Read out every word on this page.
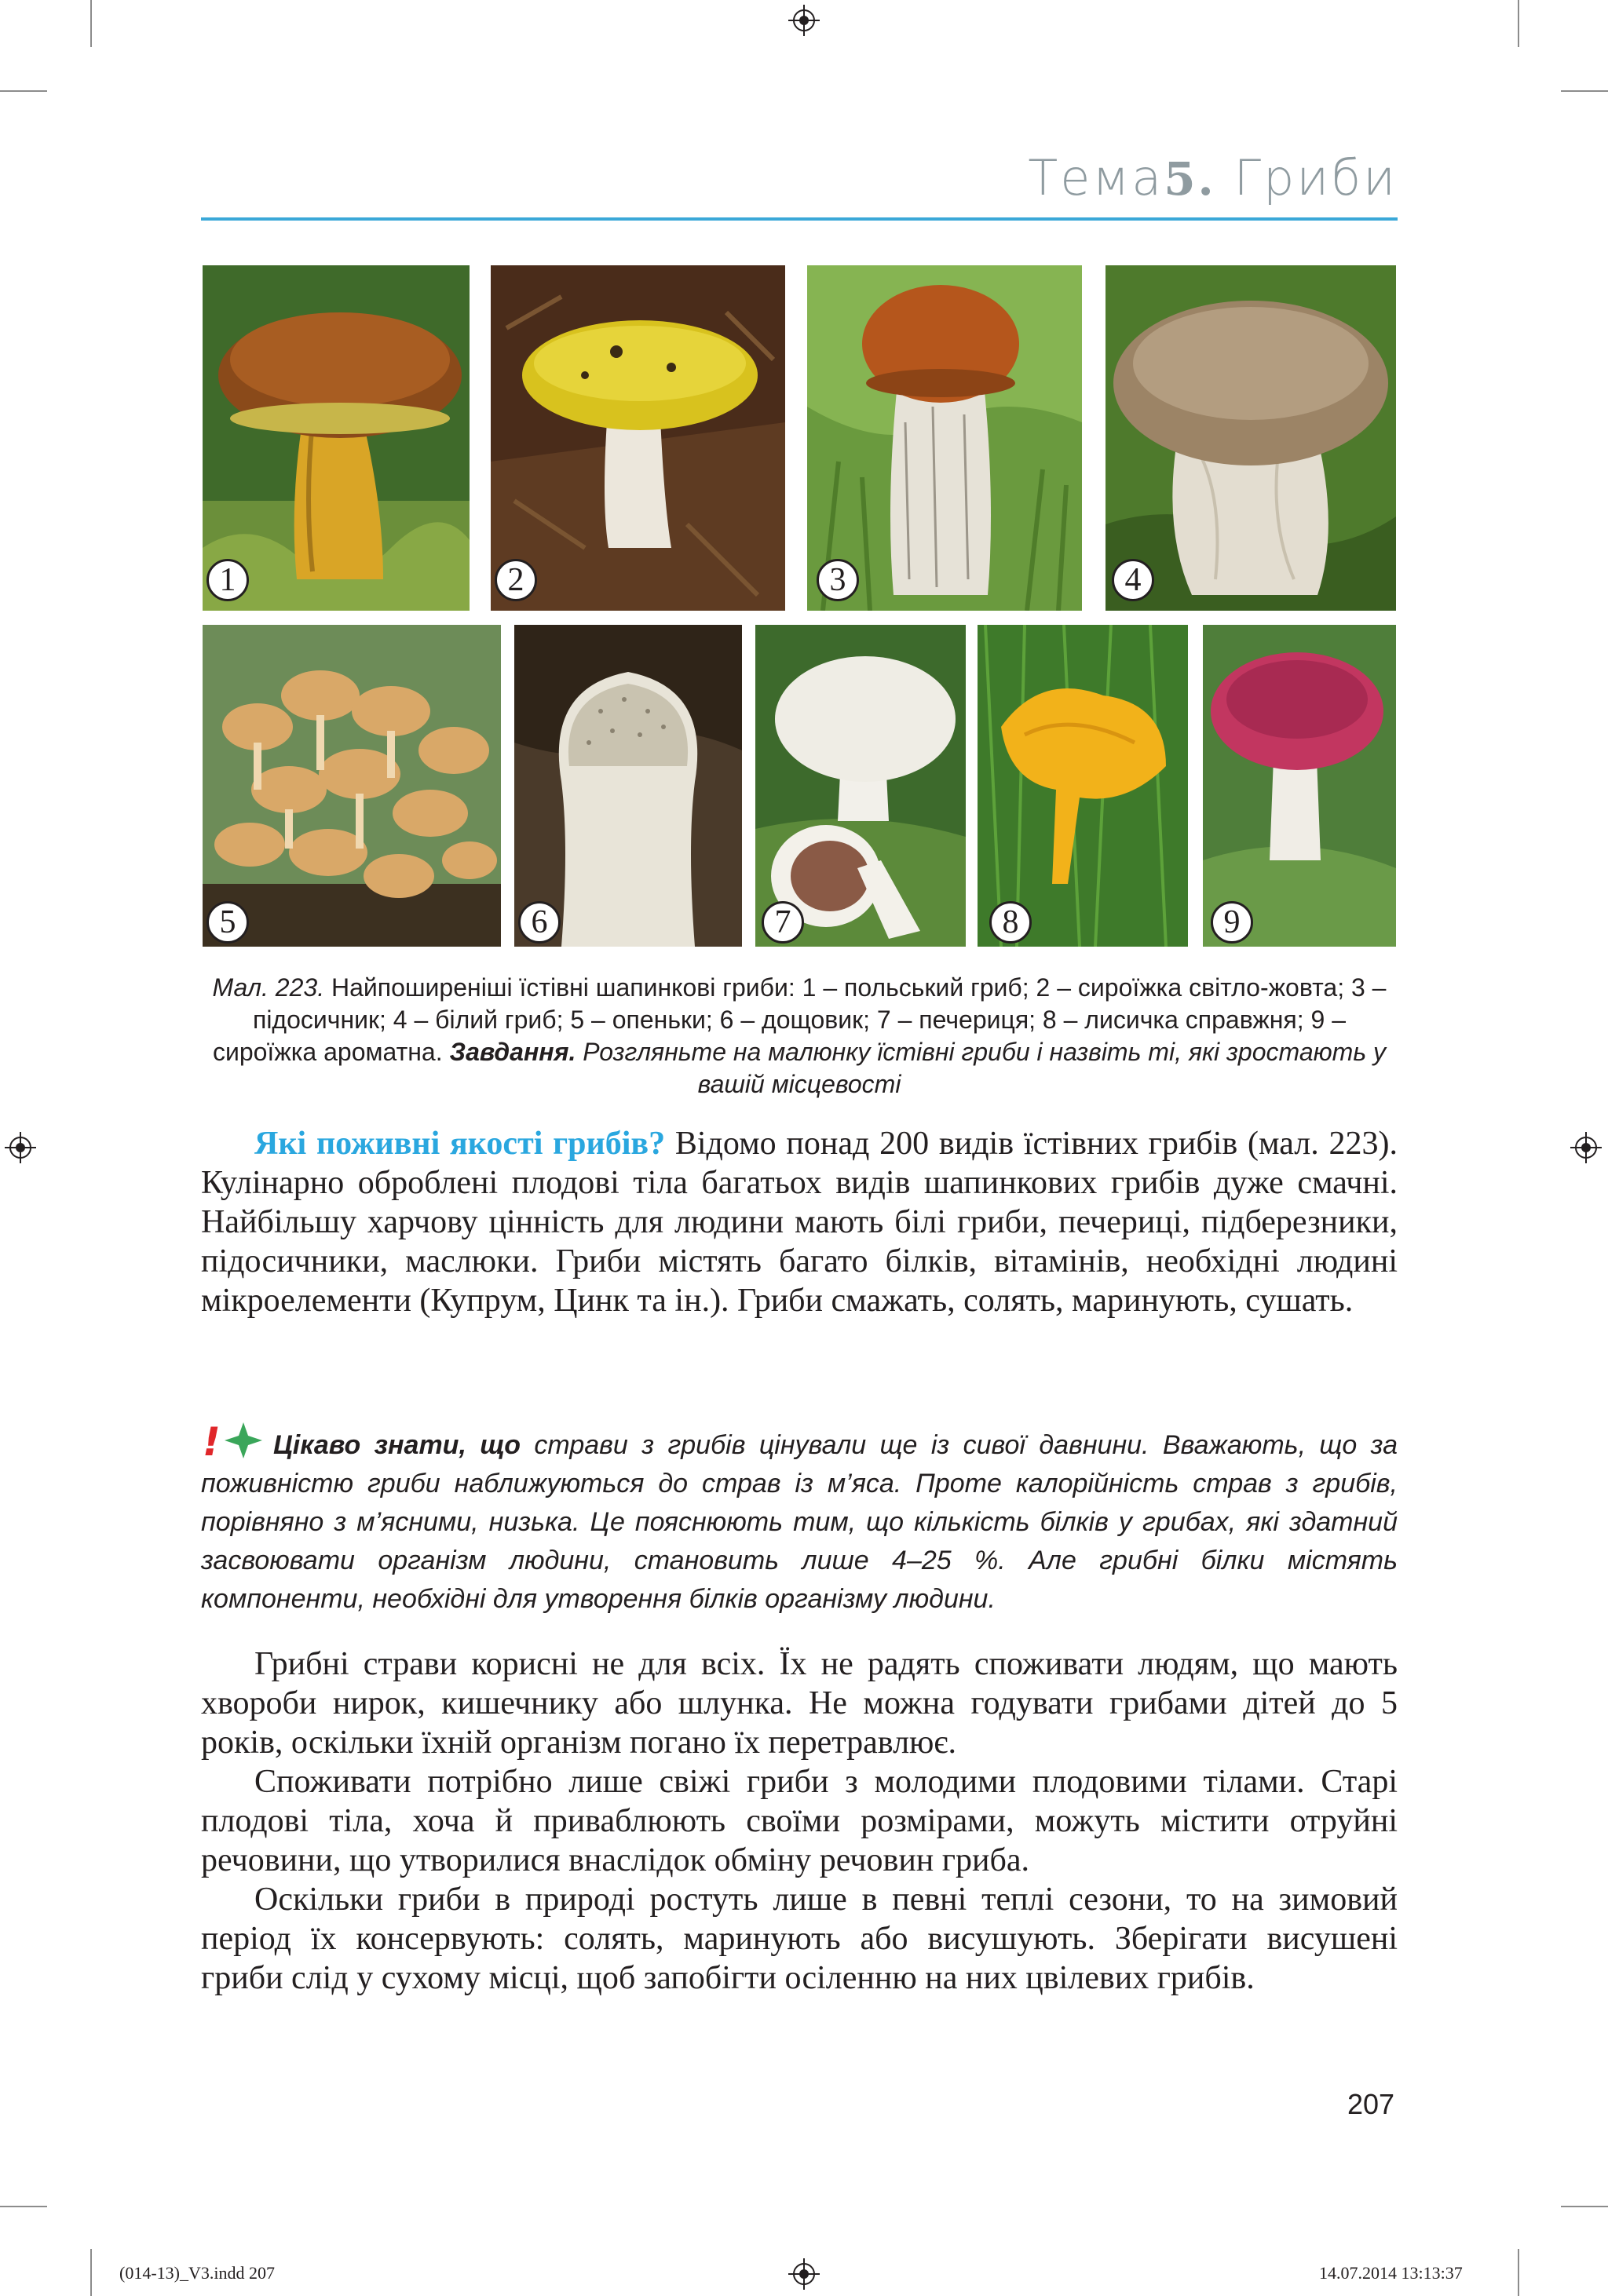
Тема5. Гриби
1	2	3	4
5	6	7	8	9
Мал. 223. Найпоширеніші їстівні шапинкові гриби: 1 – польський гриб; 2 – сироїжка світло-жовта; 3 – підосичник; 4 – білий гриб; 5 – опеньки; 6 – дощовик; 7 – печериця; 8 – лисичка справжня; 9 – сироїжка ароматна. Завдання. Розгляньте на малюнку їстівні гриби і назвіть ті, які зростають у вашій місцевості

Які поживні якості грибів? Відомо понад 200 видів їстівних грибів (мал. 223). Кулінарно оброблені плодові тіла багатьох видів шапинкових грибів дуже смачні. Найбільшу харчову цінність для людини мають білі гриби, печериці, підберезники, підосичники, маслюки. Гриби містять багато білків, вітамінів, необхідні людині мікроелементи (Купрум, Цинк та ін.). Гриби смажать, солять, маринують, сушать.

! Цікаво знати, що страви з грибів цінували ще із сивої давнини. Вважають, що за поживністю гриби наближуються до страв із м’яса. Проте калорійність страв з грибів, порівняно з м’ясними, низька. Це пояснюють тим, що кількість білків у грибах, які здатний засвоювати організм людини, становить лише 4–25 %. Але грибні білки містять компоненти, необхідні для утворення білків організму людини.

Грибні страви корисні не для всіх. Їх не радять споживати людям, що мають хвороби нирок, кишечнику або шлунка. Не можна годувати грибами дітей до 5 років, оскільки їхній організм погано їх перетравлює.

Споживати потрібно лише свіжі гриби з молодими плодовими тілами. Старі плодові тіла, хоча й приваблюють своїми розмірами, можуть містити отруйні речовини, що утворилися внаслідок обміну речовин гриба.

Оскільки гриби в природі ростуть лише в певні теплі сезони, то на зимовий період їх консервують: солять, маринують або висушують. Зберігати висушені гриби слід у сухому місці, щоб запобігти осіленню на них цвілевих грибів.

207
(014-13)_V3.indd 207	14.07.2014 13:13:37
